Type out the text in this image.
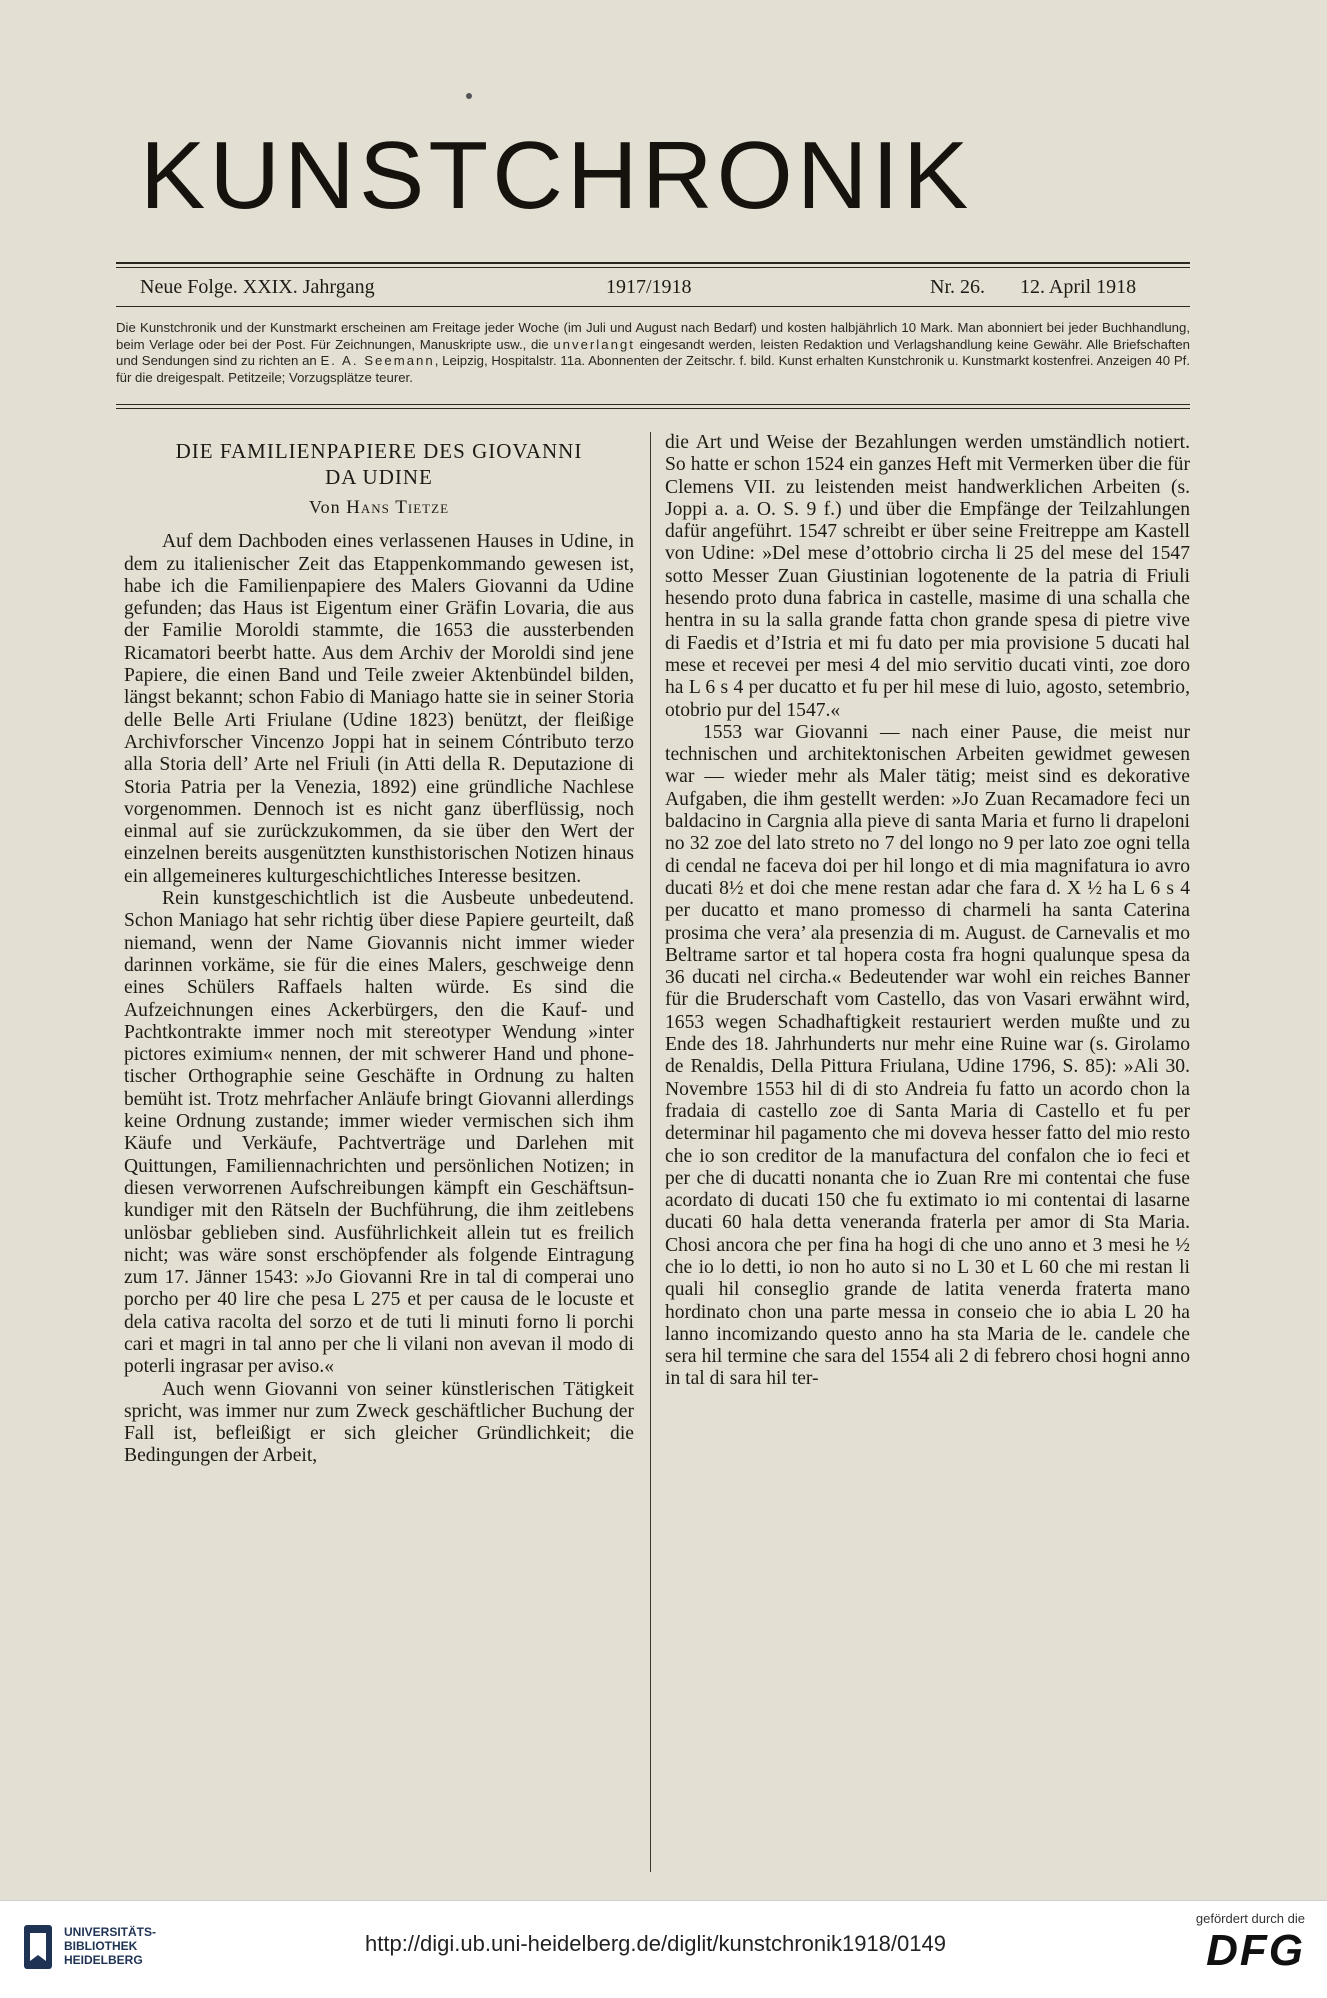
KUNSTCHRONIK
Neue Folge. XXIX. Jahrgang	1917/1918	Nr. 26. 12. April 1918
Die Kunstchronik und der Kunstmarkt erscheinen am Freitage jeder Woche (im Juli und August nach Bedarf) und kosten halbjährlich 10 Mark. Man abonniert bei jeder Buchhandlung, beim Verlage oder bei der Post. Für Zeichnungen, Manuskripte usw., die unverlangt eingesandt werden, leisten Redaktion und Verlagshandlung keine Gewähr. Alle Briefschaften und Sendungen sind zu richten an E. A. Seemann, Leipzig, Hospitalstr. 11a. Abonnenten der Zeitschr. f. bild. Kunst erhalten Kunstchronik u. Kunstmarkt kostenfrei. Anzeigen 40 Pf. für die dreigespalt. Petitzeile; Vorzugsplätze teurer.
DIE FAMILIENPAPIERE DES GIOVANNI
DA UDINE
Von Hans Tietze

Auf dem Dachboden eines verlassenen Hauses in Udine, in dem zu italienischer Zeit das Etappenkommando gewesen ist, habe ich die Familienpapiere des Malers Giovanni da Udine gefunden; das Haus ist Eigentum einer Gräfin Lovaria, die aus der Familie Moroldi stammte, die 1653 die aussterbenden Ricamatori beerbt hatte. Aus dem Archiv der Moroldi sind jene Papiere, die einen Band und Teile zweier Aktenbündel bilden, längst bekannt; schon Fabio di Maniago hatte sie in seiner Storia delle Belle Arti Friulane (Udine 1823) benützt, der fleißige Archivforscher Vincenzo Joppi hat in seinem Cóntributo terzo alla Storia dell’ Arte nel Friuli (in Atti della R. Deputazione di Storia Patria per la Venezia, 1892) eine gründliche Nachlese vorgenommen. Dennoch ist es nicht ganz überflüssig, noch einmal auf sie zurückzukommen, da sie über den Wert der einzelnen bereits ausgenützten kunsthistorischen Notizen hinaus ein allgemeineres kulturgeschichtliches Interesse besitzen.

Rein kunstgeschichtlich ist die Ausbeute unbedeutend. Schon Maniago hat sehr richtig über diese Papiere geurteilt, daß niemand, wenn der Name Giovannis nicht immer wieder darinnen vorkäme, sie für die eines Malers, geschweige denn eines Schülers Raffaels halten würde. Es sind die Aufzeichnungen eines Ackerbürgers, den die Kauf- und Pachtkontrakte immer noch mit stereotyper Wendung »inter pictores eximium« nennen, der mit schwerer Hand und phonetischer Orthographie seine Geschäfte in Ordnung zu halten bemüht ist. Trotz mehrfacher Anläufe bringt Giovanni allerdings keine Ordnung zustande; immer wieder vermischen sich ihm Käufe und Verkäufe, Pachtverträge und Darlehen mit Quittungen, Familiennachrichten und persönlichen Notizen; in diesen verworrenen Aufschreibungen kämpft ein Geschäftsunkundiger mit den Rätseln der Buchführung, die ihm zeitlebens unlösbar geblieben sind. Ausführlichkeit allein tut es freilich nicht; was wäre sonst erschöpfender als folgende Eintragung zum 17. Jänner 1543: »Jo Giovanni Rre in tal di comperai uno porcho per 40 lire che pesa L 275 et per causa de le locuste et dela cativa racolta del sorzo et de tuti li minuti forno li porchi cari et magri in tal anno per che li vilani non avevan il modo di poterli ingrasar per aviso.«

Auch wenn Giovanni von seiner künstlerischen Tätigkeit spricht, was immer nur zum Zweck geschäftlicher Buchung der Fall ist, befleißigt er sich gleicher Gründlichkeit; die Bedingungen der Arbeit,

die Art und Weise der Bezahlungen werden umständlich notiert. So hatte er schon 1524 ein ganzes Heft mit Vermerken über die für Clemens VII. zu leistenden meist handwerklichen Arbeiten (s. Joppi a. a. O. S. 9 f.) und über die Empfänge der Teilzahlungen dafür angeführt. 1547 schreibt er über seine Freitreppe am Kastell von Udine: »Del mese d’ottobrio circha li 25 del mese del 1547 sotto Messer Zuan Giustinian logotenente de la patria di Friuli hesendo proto duna fabrica in castelle, masime di una schalla che hentra in su la salla grande fatta chon grande spesa di pietre vive di Faedis et d’Istria et mi fu dato per mia provisione 5 ducati hal mese et recevei per mesi 4 del mio servitio ducati vinti, zoe doro ha L 6 s 4 per ducatto et fu per hil mese di luio, agosto, setembrio, otobrio pur del 1547.«

1553 war Giovanni — nach einer Pause, die meist nur technischen und architektonischen Arbeiten gewidmet gewesen war — wieder mehr als Maler tätig; meist sind es dekorative Aufgaben, die ihm gestellt werden: »Jo Zuan Recamadore feci un baldacino in Cargnia alla pieve di santa Maria et furno li drapeloni no 32 zoe del lato streto no 7 del longo no 9 per lato zoe ogni tella di cendal ne faceva doi per hil longo et di mia magnifatura io avro ducati 8½ et doi che mene restan adar che fara d. X ½ ha L 6 s 4 per ducatto et mano promesso di charmeli ha santa Caterina prosima che vera’ ala presenzia di m. August. de Carnevalis et mo Beltrame sartor et tal hopera costa fra hogni qualunque spesa da 36 ducati nel circha.« Bedeutender war wohl ein reiches Banner für die Bruderschaft vom Castello, das von Vasari erwähnt wird, 1653 wegen Schadhaftigkeit restauriert werden mußte und zu Ende des 18. Jahrhunderts nur mehr eine Ruine war (s. Girolamo de Renaldis, Della Pittura Friulana, Udine 1796, S. 85): »Ali 30. Novembre 1553 hil di di sto Andreia fu fatto un acordo chon la fradaia di castello zoe di Santa Maria di Castello et fu per determinar hil pagamento che mi doveva hesser fatto del mio resto che io son creditor de la manufactura del confalon che io feci et per che di ducatti nonanta che io Zuan Rre mi contentai che fuse acordato di ducati 150 che fu extimato io mi contentai di lasarne ducati 60 hala detta veneranda fraterla per amor di Sta Maria. Chosi ancora che per fina ha hogi di che uno anno et 3 mesi he ½ che io lo detti, io non ho auto si no L 30 et L 60 che mi restan li quali hil conseglio grande de latita venerda fraterta mano hordinato chon una parte messa in conseio che io abia L 20 ha lanno incomizando questo anno ha sta Maria de le. candele che sera hil termine che sara del 1554 ali 2 di febrero chosi hogni anno in tal di sara hil ter-

UNIVERSITÄTS-
BIBLIOTHEK
HEIDELBERG
http://digi.ub.uni-heidelberg.de/diglit/kunstchronik1918/0149
gefördert durch die
DFG
